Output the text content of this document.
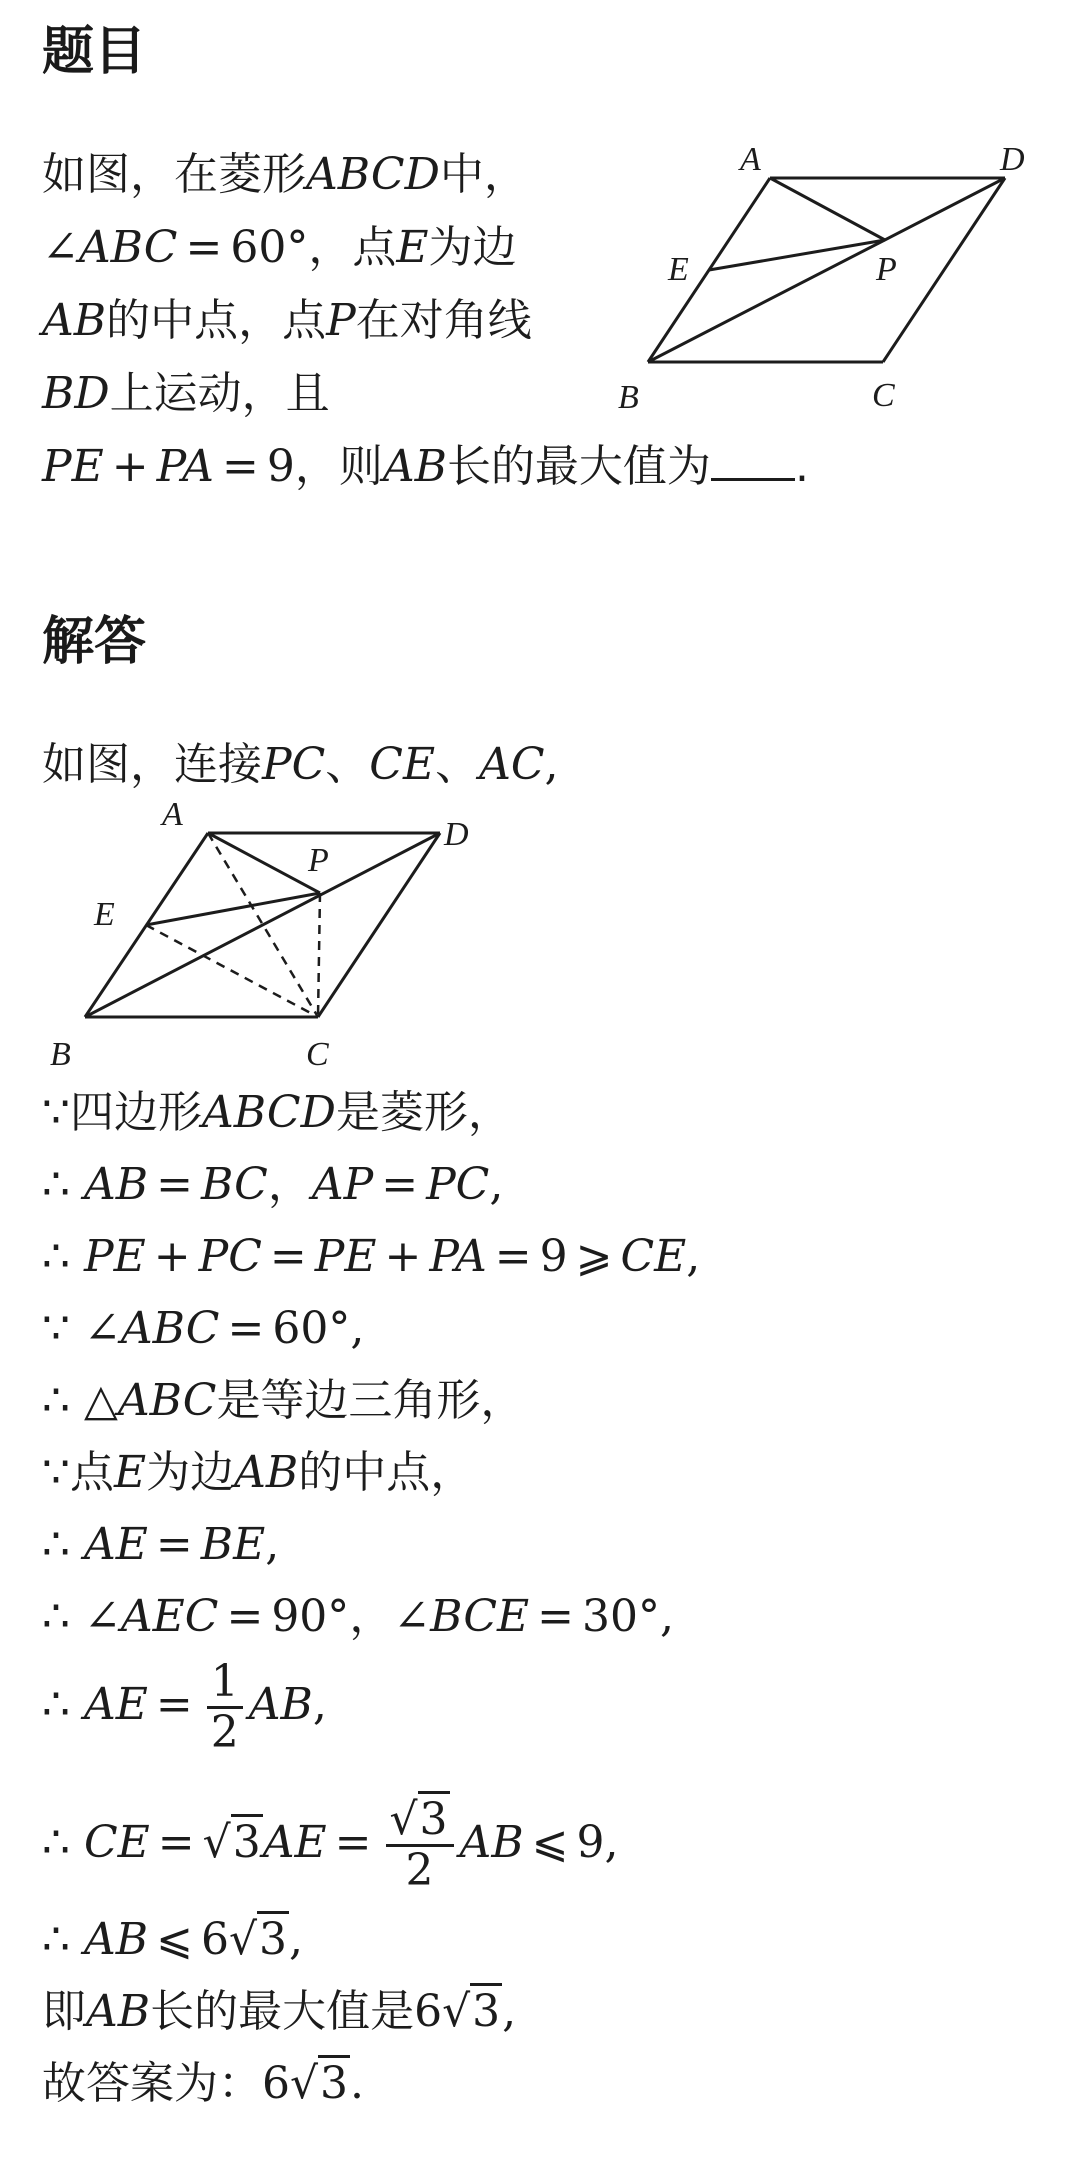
题目
如图，在菱形ABCD中，
∠ABC = 60°，点E为边
AB的中点，点P在对角线
BD上运动，且
PE + PA = 9，则AB长的最大值为 .
A	D
E	P
B	C
解答
如图，连接PC、CE、AC,
A
D
E
P
B	C
∵四边形ABCD是菱形，
∴ AB = BC，AP = PC,
∴ PE + PC = PE + PA = 9 ⩾ CE,
∵ ∠ABC = 60°,
∴ △ABC是等边三角形，
∵点E为边AB的中点，
∴ AE = BE,
∴ ∠AEC = 90°，∠BCE = 30°,
∴ AE = $\frac{1}{2}$ AB,
∴ CE = $√3AE = \frac{√3}{2}$ AB ⩽ 9,
∴ AB ⩽ 6√3,
即AB长的最大值是6√3,
故答案为：6√3.
